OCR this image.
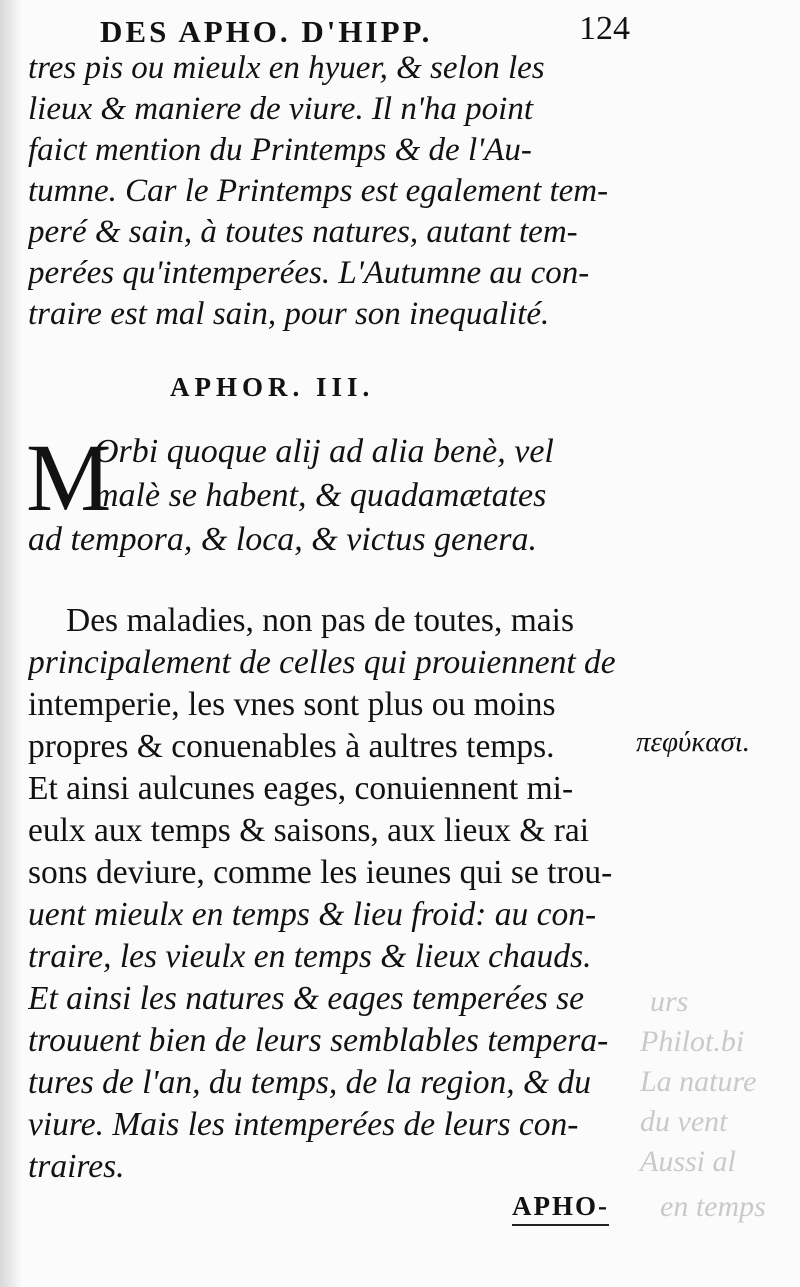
urs
Philot.bi
La nature
du vent
Aussi al
en temps
DES APHO. D'HIPP.	124
tres pis ou mieulx en hyuer, & selon les
lieux & maniere de viure. Il n'ha point
faict mention du Printemps & de l'Au-
tumne. Car le Printemps est egalement tem-
peré & sain, à toutes natures, autant tem-
perées qu'intemperées. L'Autumne au con-
traire est mal sain, pour son inequalité.
APHOR. III.
M
Orbi quoque alij ad alia benè, vel
malè se habent, & quadamætates
ad tempora, & loca, & victus genera.
Des maladies, non pas de toutes, mais
principalement de celles qui prouiennent de
intemperie, les vnes sont plus ou moins
propres & conuenables à aultres temps.
Et ainsi aulcunes eages, conuiennent mi-
eulx aux temps & saisons, aux lieux & rai
sons deviure, comme les ieunes qui se trou-
uent mieulx en temps & lieu froid: au con-
traire, les vieulx en temps & lieux chauds.
Et ainsi les natures & eages temperées se
trouuent bien de leurs semblables tempera-
tures de l'an, du temps, de la region, & du
viure. Mais les intemperées de leurs con-
traires.
πεφύκασι.
APHO-
